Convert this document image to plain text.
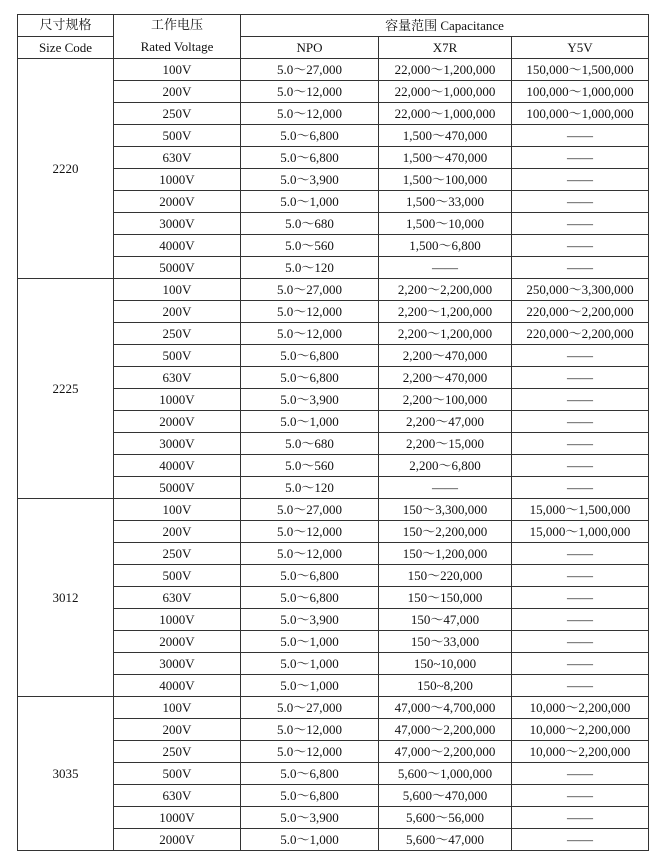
尺寸规格	工作电压	容量范围 Capacitance		
Size Code	Rated Voltage	NPO	X7R	Y5V
2220	100V	5.0～27,000	22,000～1,200,000	150,000～1,500,000
	200V	5.0～12,000	22,000～1,000,000	100,000～1,000,000
	250V	5.0～12,000	22,000～1,000,000	100,000～1,000,000
	500V	5.0～6,800	1,500～470,000	——
	630V	5.0～6,800	1,500～470,000	——
	1000V	5.0～3,900	1,500～100,000	——
	2000V	5.0～1,000	1,500～33,000	——
	3000V	5.0～680	1,500～10,000	——
	4000V	5.0～560	1,500～6,800	——
	5000V	5.0～120	——	——
2225	100V	5.0～27,000	2,200～2,200,000	250,000～3,300,000
	200V	5.0～12,000	2,200～1,200,000	220,000～2,200,000
	250V	5.0～12,000	2,200～1,200,000	220,000～2,200,000
	500V	5.0～6,800	2,200～470,000	——
	630V	5.0～6,800	2,200～470,000	——
	1000V	5.0～3,900	2,200～100,000	——
	2000V	5.0～1,000	2,200～47,000	——
	3000V	5.0～680	2,200～15,000	——
	4000V	5.0～560	2,200～6,800	——
	5000V	5.0～120	——	——
3012	100V	5.0～27,000	150～3,300,000	15,000～1,500,000
	200V	5.0～12,000	150～2,200,000	15,000～1,000,000
	250V	5.0～12,000	150～1,200,000	——
	500V	5.0～6,800	150～220,000	——
	630V	5.0～6,800	150～150,000	——
	1000V	5.0～3,900	150～47,000	——
	2000V	5.0～1,000	150～33,000	——
	3000V	5.0～1,000	150~10,000	——
	4000V	5.0～1,000	150~8,200	——
3035	100V	5.0～27,000	47,000～4,700,000	10,000～2,200,000
	200V	5.0～12,000	47,000～2,200,000	10,000～2,200,000
	250V	5.0～12,000	47,000～2,200,000	10,000～2,200,000
	500V	5.0～6,800	5,600～1,000,000	——
	630V	5.0～6,800	5,600～470,000	——
	1000V	5.0～3,900	5,600～56,000	——
	2000V	5.0～1,000	5,600～47,000	——
